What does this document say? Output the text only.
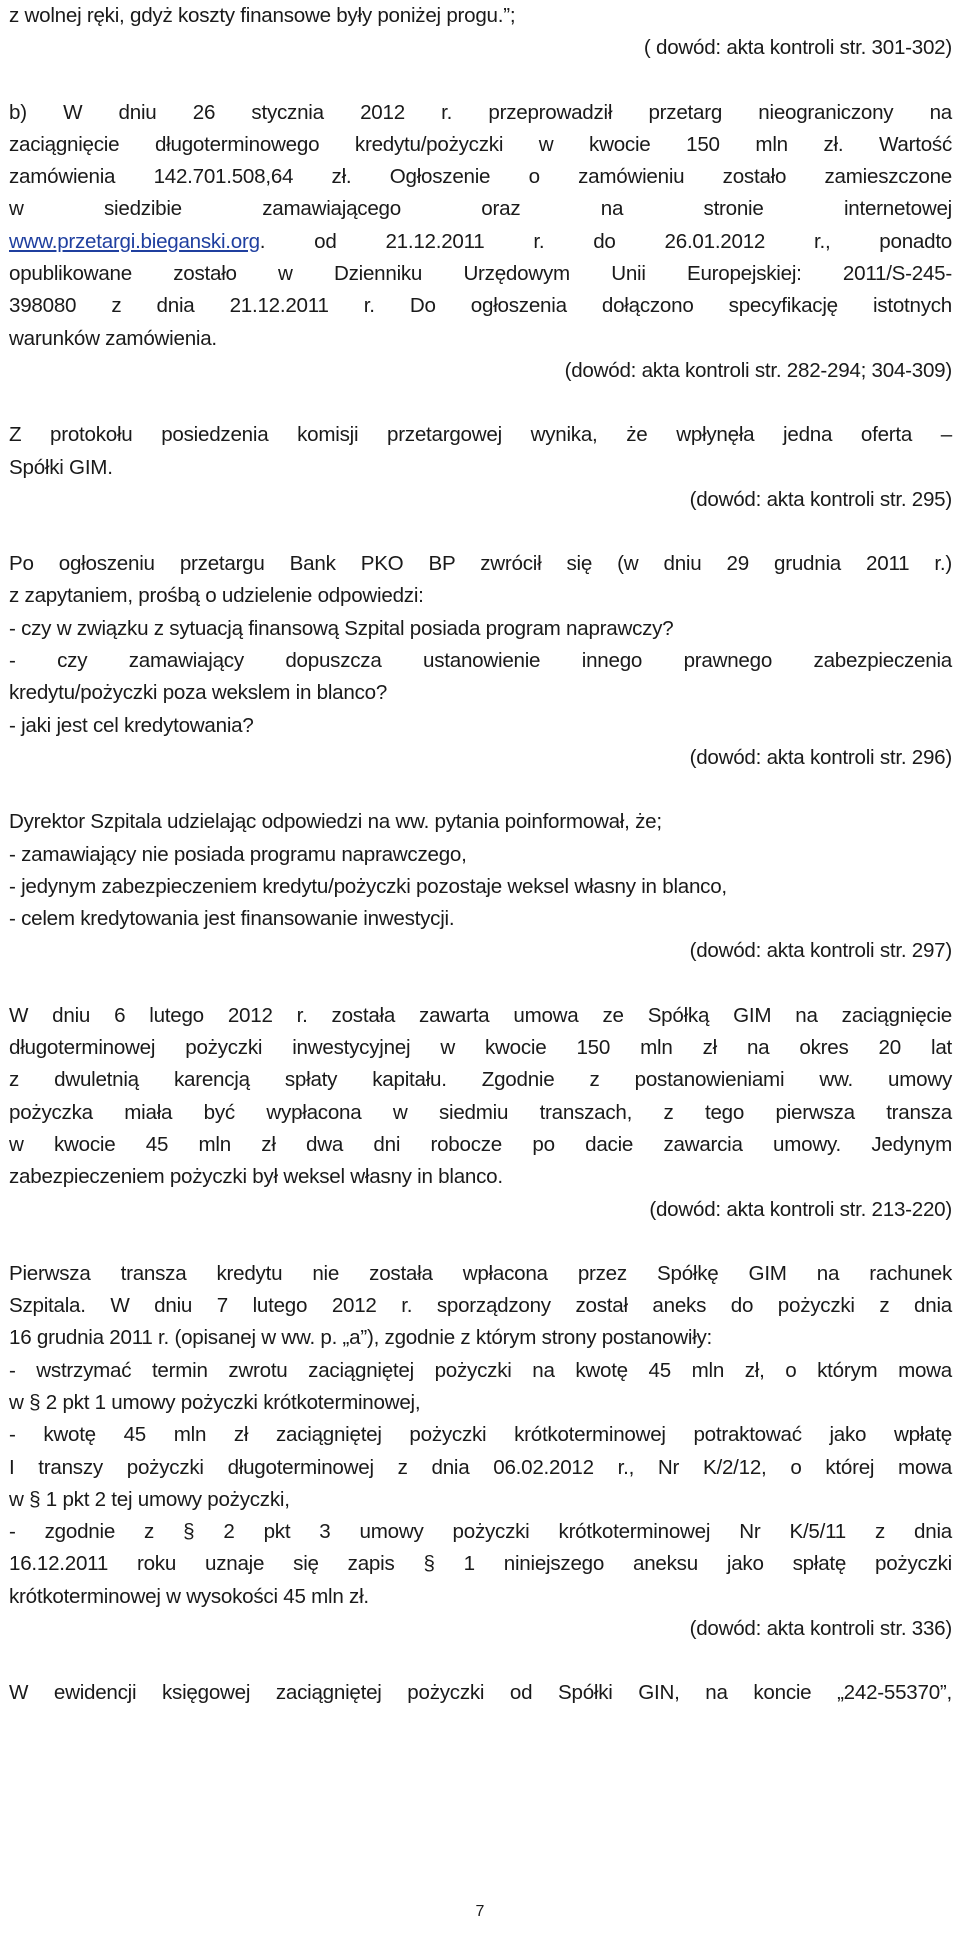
z wolnej ręki, gdyż koszty finansowe były poniżej progu.”;
( dowód: akta kontroli str. 301-302)
b) W dniu 26 stycznia 2012 r. przeprowadził przetarg nieograniczony na
zaciągnięcie długoterminowego kredytu/pożyczki w kwocie 150 mln zł. Wartość
zamówienia 142.701.508,64 zł. Ogłoszenie o zamówieniu zostało zamieszczone
w siedzibie zamawiającego oraz na stronie internetowej
www.przetargi.bieganski.org. od 21.12.2011 r. do 26.01.2012 r., ponadto
opublikowane zostało w Dzienniku Urzędowym Unii Europejskiej: 2011/S-245-
398080 z dnia 21.12.2011 r. Do ogłoszenia dołączono specyfikację istotnych
warunków zamówienia.
(dowód: akta kontroli str. 282-294; 304-309)
Z protokołu posiedzenia komisji przetargowej wynika, że wpłynęła jedna oferta –
Spółki GIM.
(dowód: akta kontroli str. 295)
Po ogłoszeniu przetargu Bank PKO BP zwrócił się (w dniu 29 grudnia 2011 r.)
z zapytaniem, prośbą o udzielenie odpowiedzi:
- czy w związku z sytuacją finansową Szpital posiada program naprawczy?
- czy zamawiający dopuszcza ustanowienie innego prawnego zabezpieczenia
kredytu/pożyczki poza wekslem in blanco?
- jaki jest cel kredytowania?
(dowód: akta kontroli str. 296)
Dyrektor Szpitala udzielając odpowiedzi na ww. pytania poinformował, że;
- zamawiający nie posiada programu naprawczego,
- jedynym zabezpieczeniem kredytu/pożyczki pozostaje weksel własny in blanco,
- celem kredytowania jest finansowanie inwestycji.
(dowód: akta kontroli str. 297)
W dniu 6 lutego 2012 r. została zawarta umowa ze Spółką GIM na zaciągnięcie
długoterminowej pożyczki inwestycyjnej w kwocie 150 mln zł na okres 20 lat
z dwuletnią karencją spłaty kapitału. Zgodnie z postanowieniami ww. umowy
pożyczka miała być wypłacona w siedmiu transzach, z tego pierwsza transza
w kwocie 45 mln zł dwa dni robocze po dacie zawarcia umowy. Jedynym
zabezpieczeniem pożyczki był weksel własny in blanco.
(dowód: akta kontroli str. 213-220)
Pierwsza transza kredytu nie została wpłacona przez Spółkę GIM na rachunek
Szpitala. W dniu 7 lutego 2012 r. sporządzony został aneks do pożyczki z dnia
16 grudnia 2011 r. (opisanej w ww. p. „a”), zgodnie z którym strony postanowiły:
- wstrzymać termin zwrotu zaciągniętej pożyczki na kwotę 45 mln zł, o którym mowa
w § 2 pkt 1 umowy pożyczki krótkoterminowej,
- kwotę 45 mln zł zaciągniętej pożyczki krótkoterminowej potraktować jako wpłatę
I transzy pożyczki długoterminowej z dnia 06.02.2012 r., Nr K/2/12, o której mowa
w § 1 pkt 2 tej umowy pożyczki,
- zgodnie z § 2 pkt 3 umowy pożyczki krótkoterminowej Nr K/5/11 z dnia
16.12.2011 roku uznaje się zapis § 1 niniejszego aneksu jako spłatę pożyczki
krótkoterminowej w wysokości 45 mln zł.
(dowód: akta kontroli str. 336)
W ewidencji księgowej zaciągniętej pożyczki od Spółki GIN, na koncie „242-55370”,
7
